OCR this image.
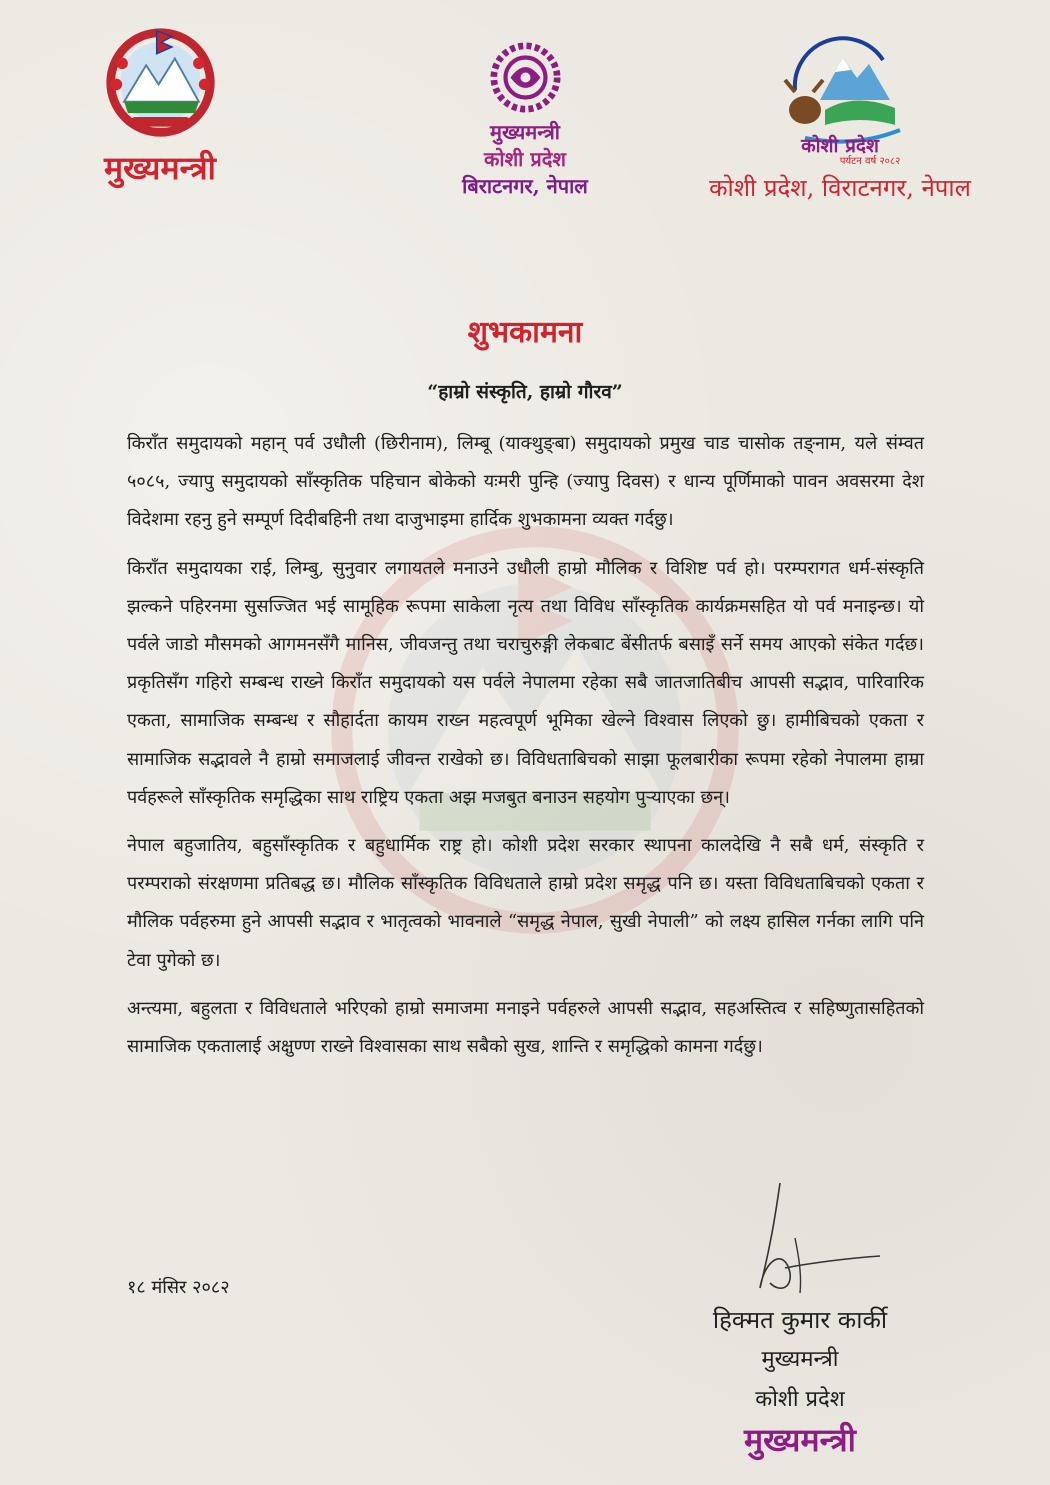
मुख्यमन्त्री
मुख्यमन्त्री
कोशी प्रदेश
बिराटनगर, नेपाल
कोशी प्रदेश
पर्यटन वर्ष २०८२
कोशी प्रदेश, विराटनगर, नेपाल
शुभकामना
“हाम्रो संस्कृति, हाम्रो गौरव”

किराँत समुदायको महान् पर्व उधौली (छिरीनाम), लिम्बू (याक्थुङ्बा) समुदायको प्रमुख चाड चासोक तङ्नाम, यले संम्वत ५०८५, ज्यापु समुदायको साँस्कृतिक पहिचान बोकेको यःमरी पुन्हि (ज्यापु दिवस) र धान्य पूर्णिमाको पावन अवसरमा देश विदेशमा रहनु हुने सम्पूर्ण दिदीबहिनी तथा दाजुभाइमा हार्दिक शुभकामना व्यक्त गर्दछु।

किराँत समुदायका राई, लिम्बु, सुनुवार लगायतले मनाउने उधौली हाम्रो मौलिक र विशिष्ट पर्व हो। परम्परागत धर्म-संस्कृति झल्कने पहिरनमा सुसज्जित भई सामूहिक रूपमा साकेला नृत्य तथा विविध साँस्कृतिक कार्यक्रमसहित यो पर्व मनाइन्छ। यो पर्वले जाडो मौसमको आगमनसँगै मानिस, जीवजन्तु तथा चराचुरुङ्गी लेकबाट बेंसीतर्फ बसाइँ सर्ने समय आएको संकेत गर्दछ। प्रकृतिसँग गहिरो सम्बन्ध राख्ने किराँत समुदायको यस पर्वले नेपालमा रहेका सबै जातजातिबीच आपसी सद्भाव, पारिवारिक एकता, सामाजिक सम्बन्ध र सौहार्दता कायम राख्न महत्वपूर्ण भूमिका खेल्ने विश्वास लिएको छु। हामीबिचको एकता र सामाजिक सद्भावले नै हाम्रो समाजलाई जीवन्त राखेको छ। विविधताबिचको साझा फूलबारीका रूपमा रहेको नेपालमा हाम्रा पर्वहरूले साँस्कृतिक समृद्धिका साथ राष्ट्रिय एकता अझ मजबुत बनाउन सहयोग पुऱ्याएका छन्।

नेपाल बहुजातिय, बहुसाँस्कृतिक र बहुधार्मिक राष्ट्र हो। कोशी प्रदेश सरकार स्थापना कालदेखि नै सबै धर्म, संस्कृति र परम्पराको संरक्षणमा प्रतिबद्ध छ। मौलिक साँस्कृतिक विविधताले हाम्रो प्रदेश समृद्ध पनि छ। यस्ता विविधताबिचको एकता र मौलिक पर्वहरुमा हुने आपसी सद्भाव र भातृत्वको भावनाले “समृद्ध नेपाल, सुखी नेपाली” को लक्ष्य हासिल गर्नका लागि पनि टेवा पुगेको छ।

अन्त्यमा, बहुलता र विविधताले भरिएको हाम्रो समाजमा मनाइने पर्वहरुले आपसी सद्भाव, सहअस्तित्व र सहिष्णुतासहितको सामाजिक एकतालाई अक्षुण्ण राख्ने विश्वासका साथ सबैको सुख, शान्ति र समृद्धिको कामना गर्दछु।

१८ मंसिर २०८२
हिक्मत कुमार कार्की
मुख्यमन्त्री
कोशी प्रदेश
मुख्यमन्त्री
